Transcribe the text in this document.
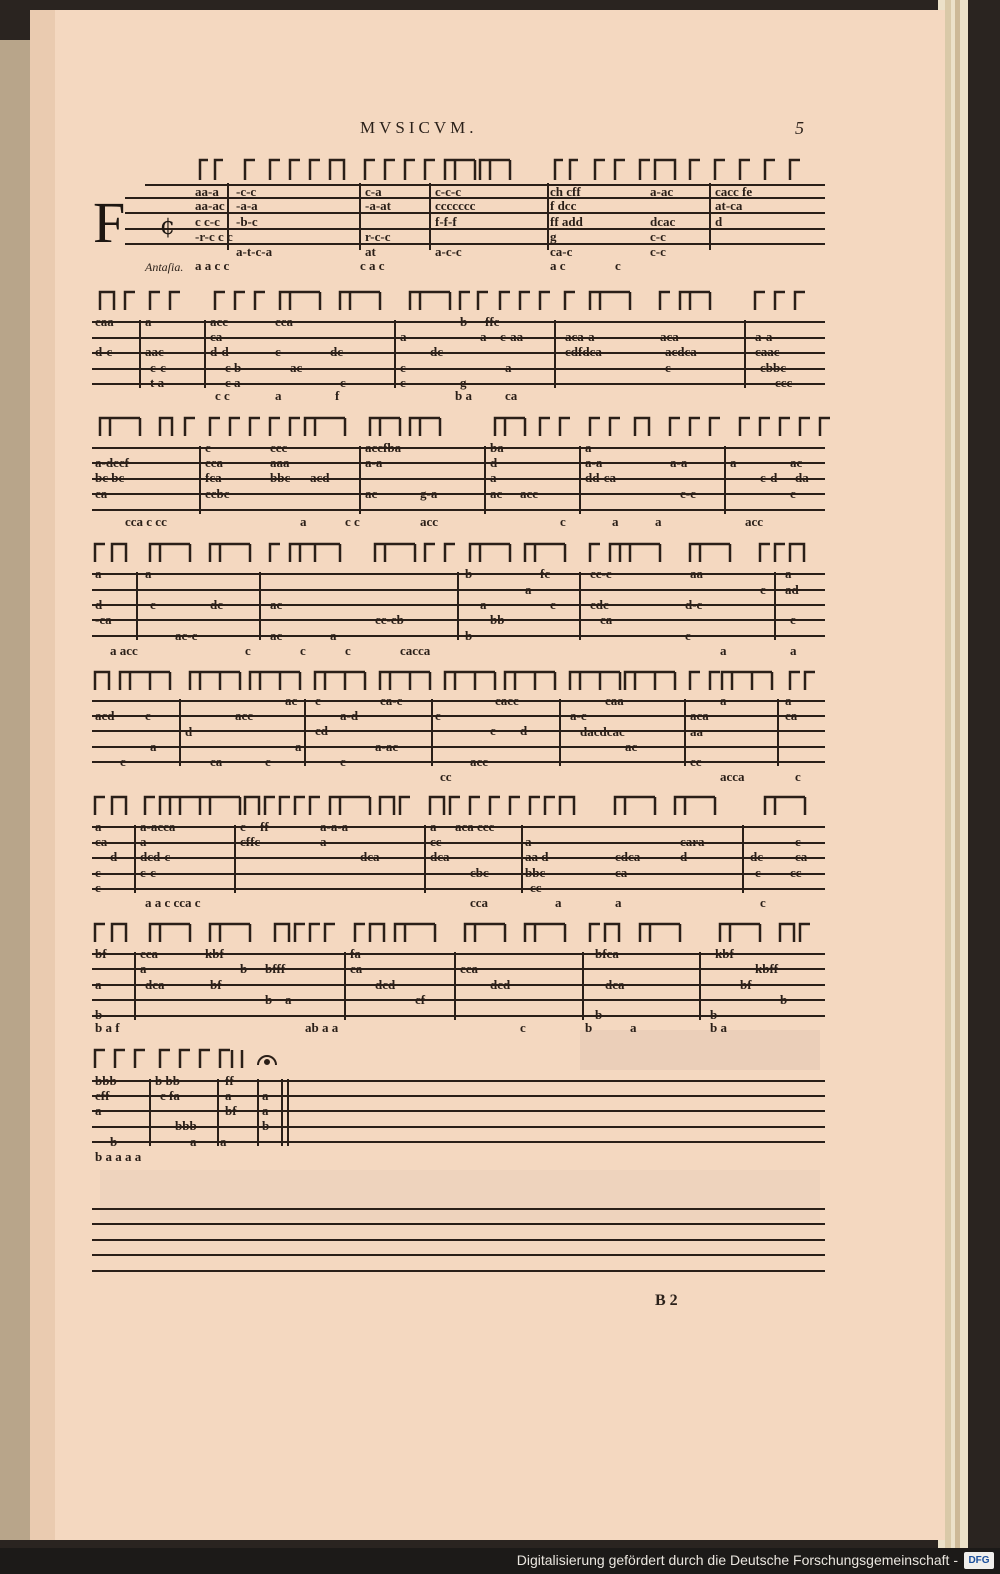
aa-a
aa-ac
c c-c
-r-c c c
-c-c
-a-a
-b-c
a-t-c-a
c-a
-a-at
r-c-c
at
c-c-c
ccccccc
f-f-f
a-c-c
ch cff
f dcc
ff add
g
ca-c
a-ac
dcac
c-c
c-c
cacc fe
at-ca
d
a a c c	c a c	a c	c
caa
d-c
a
aac
c-c
t a
acc
ca
d-d
c b
c a
cca
c
ac
dc
c
a
c
c
dc
b
g
a
ffc
c-aa
a
aca-a
cdfdca
aca
acdca
c
a-a
caac
cbbc
ccc
c c	a	f	b a	ca
a-dccf
bc bc
ca
c
cca
fca
ccbc
ccc
aaa
bbc acd
accfba
a-a
ac	g-a
ba
d
a
ac acc
a
a-a
dd-ca
a-a
c-c
a
c-d
ac
da
c
cca c cc	a	c c	acc	c	a	a	acc
a
d
-ca
a
c	dc	ac
ac-c	ac	a
cc-cb
b
b
a
bb
fc
a
c
cc-c
cdc
ca
aa
d-c
c
c
a
ad
c
a acc	c	c	c	cacca	a	a
acd c
d
a
c
acc
ac
a
ca	c
c
cd
a-d
a-ac
c
ca-c
c
acc
c d
cacc
a-c
dacdcac
caa
ac
aca
aa
cc
a	a
ca
cc	acca	c
a
ca
c
c
d
a-acca
a
dcd-c
c-c
c
cffc
ff	a-a-a
a
dca
a
cc
dca
aca ccc
cbc
a
aa d
bbc
cc
cdca
ca
cara
d	dc
c
c
ca
cc
a a c cca c	cca	a	a	c
bf
a
b
cca
a
dca
kbf
b
bf
bfff
b a
fa
ca
dcd
cf
cca
dcd
bfca
b
dca
kbf
kbff
bf
b
b
b a f	ab a a	c	b	a	b a
bbb
cff
a
b
b bb
c fa
bbb
a
ff
a
bf
a
a
a
b
b a a a a
MVSICVM.	5
F ¢
Antaſia.
B 2
Digitalisierung gefördert durch die Deutsche Forschungsgemeinschaft -	DFG
